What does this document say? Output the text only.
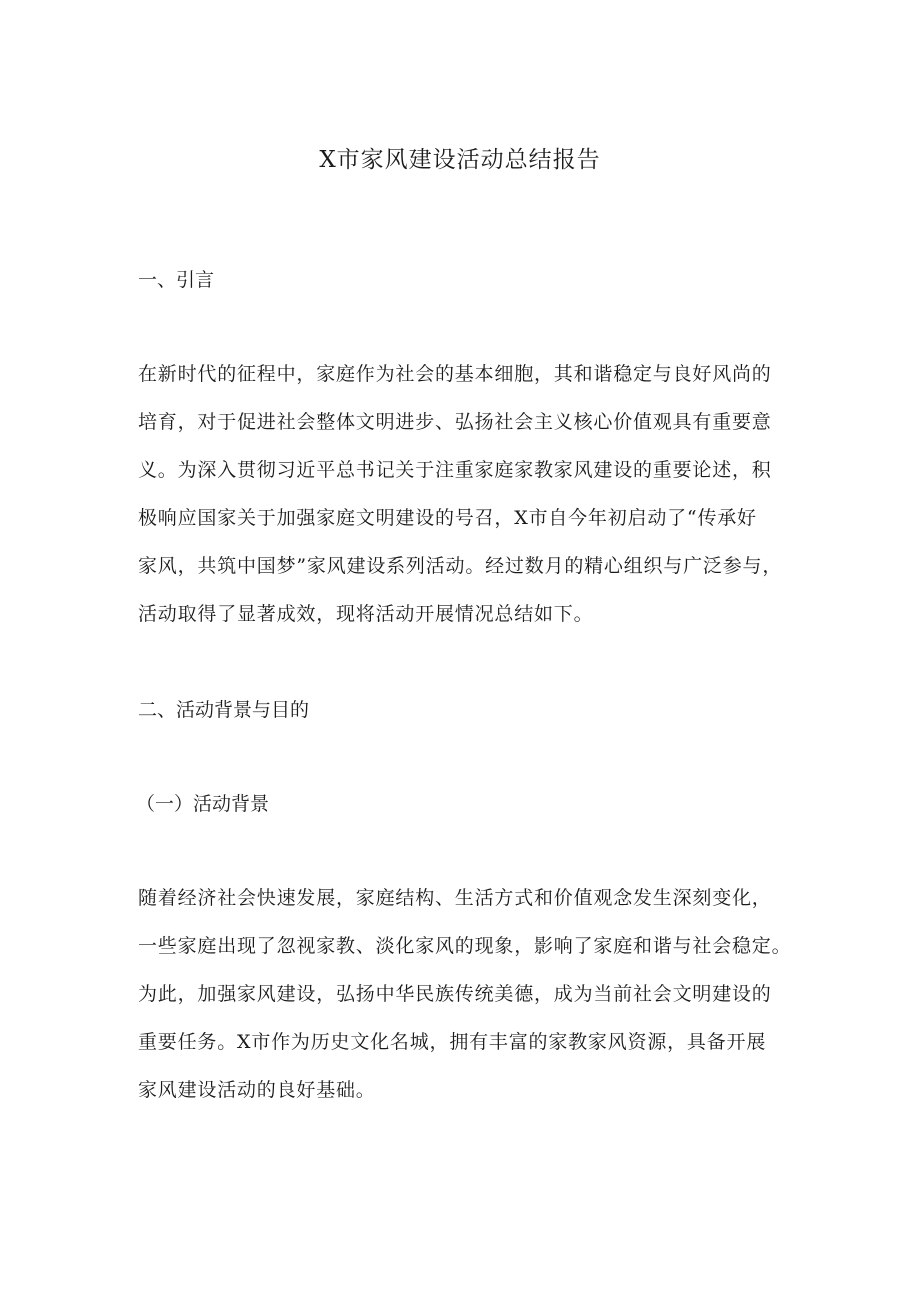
X市家风建设活动总结报告
一、引言
在新时代的征程中，家庭作为社会的基本细胞，其和谐稳定与良好风尚的
培育，对于促进社会整体文明进步、弘扬社会主义核心价值观具有重要意
义。为深入贯彻习近平总书记关于注重家庭家教家风建设的重要论述，积
极响应国家关于加强家庭文明建设的号召，X市自今年初启动了“传承好
家风，共筑中国梦”家风建设系列活动。经过数月的精心组织与广泛参与，
活动取得了显著成效，现将活动开展情况总结如下。
二、活动背景与目的
（一）活动背景
随着经济社会快速发展，家庭结构、生活方式和价值观念发生深刻变化，
一些家庭出现了忽视家教、淡化家风的现象，影响了家庭和谐与社会稳定。
为此，加强家风建设，弘扬中华民族传统美德，成为当前社会文明建设的
重要任务。X市作为历史文化名城，拥有丰富的家教家风资源，具备开展
家风建设活动的良好基础。
